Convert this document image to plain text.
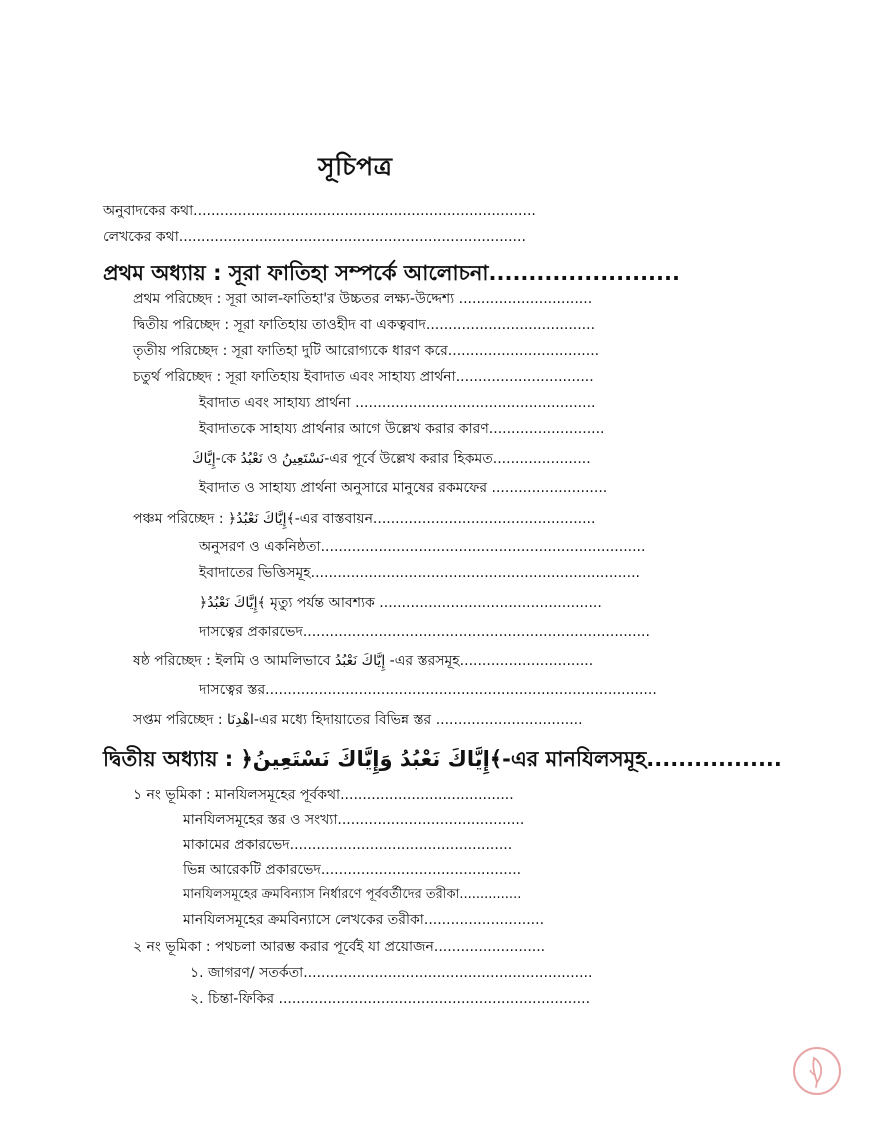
সূচিপত্র
অনুবাদকের কথা.............................................................................
লেখকের কথা..............................................................................
প্রথম অধ্যায় : সূরা ফাতিহা সম্পর্কে আলোচনা........................
প্রথম পরিচ্ছেদ : সূরা আল-ফাতিহা'র উচ্চতর লক্ষ্য-উদ্দেশ্য ..............................
দ্বিতীয় পরিচ্ছেদ : সূরা ফাতিহায় তাওহীদ বা একত্ববাদ......................................
তৃতীয় পরিচ্ছেদ : সূরা ফাতিহা দুটি আরোগ্যকে ধারণ করে..................................
চতুর্থ পরিচ্ছেদ : সূরা ফাতিহায় ইবাদাত এবং সাহায্য প্রার্থনা...............................
ইবাদাত এবং সাহায্য প্রার্থনা ......................................................
ইবাদাতকে সাহায্য প্রার্থনার আগে উল্লেখ করার কারণ..........................
إِيَّاكَ-কে نَعْبُدُ ও نَسْتَعِينُ-এর পূর্বে উল্লেখ করার হিকমত......................
ইবাদাত ও সাহায্য প্রার্থনা অনুসারে মানুষের রকমফের ..........................
পঞ্চম পরিচ্ছেদ : ﴿إِيَّاكَ نَعْبُدُ﴾-এর বাস্তবায়ন..................................................
অনুসরণ ও একনিষ্ঠতা.........................................................................
ইবাদাতের ভিত্তিসমূহ..........................................................................
﴿إِيَّاكَ نَعْبُدُ﴾ মৃত্যু পর্যন্ত আবশ্যক ..................................................
দাসত্বের প্রকারভেদ..............................................................................
ষষ্ঠ পরিচ্ছেদ : ইলমি ও আমলিভাবে إِيَّاكَ نَعْبُدُ -এর স্তরসমূহ..............................
দাসত্বের স্তর........................................................................................
সপ্তম পরিচ্ছেদ : اهْدِنَا-এর মধ্যে হিদায়াতের বিভিন্ন স্তর .................................
দ্বিতীয় অধ্যায় : ﴿إِيَّاكَ نَعْبُدُ وَإِيَّاكَ نَسْتَعِينُ﴾-এর মানযিলসমূহ.................
১ নং ভূমিকা : মানযিলসমূহের পূর্বকথা.......................................
মানযিলসমূহের স্তর ও সংখ্যা..........................................
মাকামের প্রকারভেদ..................................................
ভিন্ন আরেকটি প্রকারভেদ.............................................
মানযিলসমূহের ক্রমবিন্যাস নির্ধারণে পূর্ববর্তীদের তরীকা...............
মানযিলসমূহের ক্রমবিন্যাসে লেখকের তরীকা...........................
২ নং ভূমিকা : পথচলা আরম্ভ করার পূর্বেই যা প্রয়োজন.........................
১. জাগরণ/ সতর্কতা.................................................................
২. চিন্তা-ফিকির ......................................................................
